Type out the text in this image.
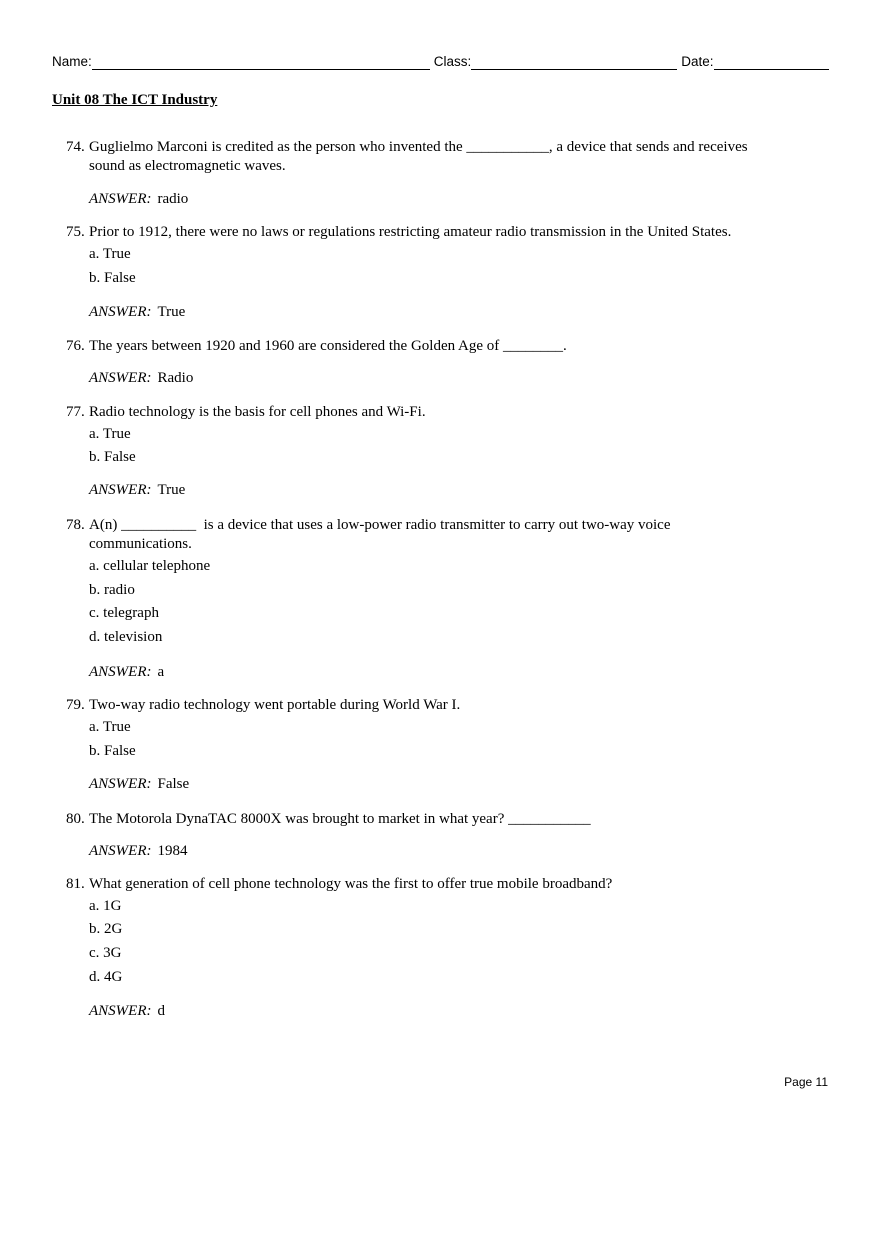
Name:	Class:	Date:
Unit 08 The ICT Industry
74. Guglielmo Marconi is credited as the person who invented the ___________, a device that sends and receives
sound as electromagnetic waves.
ANSWER: radio
75. Prior to 1912, there were no laws or regulations restricting amateur radio transmission in the United States.
a. True
b. False
ANSWER: True
76. The years between 1920 and 1960 are considered the Golden Age of ________.
ANSWER: Radio
77. Radio technology is the basis for cell phones and Wi-Fi.
a. True
b. False
ANSWER: True
78. A(n) __________  is a device that uses a low-power radio transmitter to carry out two-way voice
communications.
a. cellular telephone
b. radio
c. telegraph
d. television
ANSWER: a
79. Two-way radio technology went portable during World War I.
a. True
b. False
ANSWER: False
80. The Motorola DynaTAC 8000X was brought to market in what year? ___________
ANSWER: 1984
81. What generation of cell phone technology was the first to offer true mobile broadband?
a. 1G
b. 2G
c. 3G
d. 4G
ANSWER: d
Page 11
